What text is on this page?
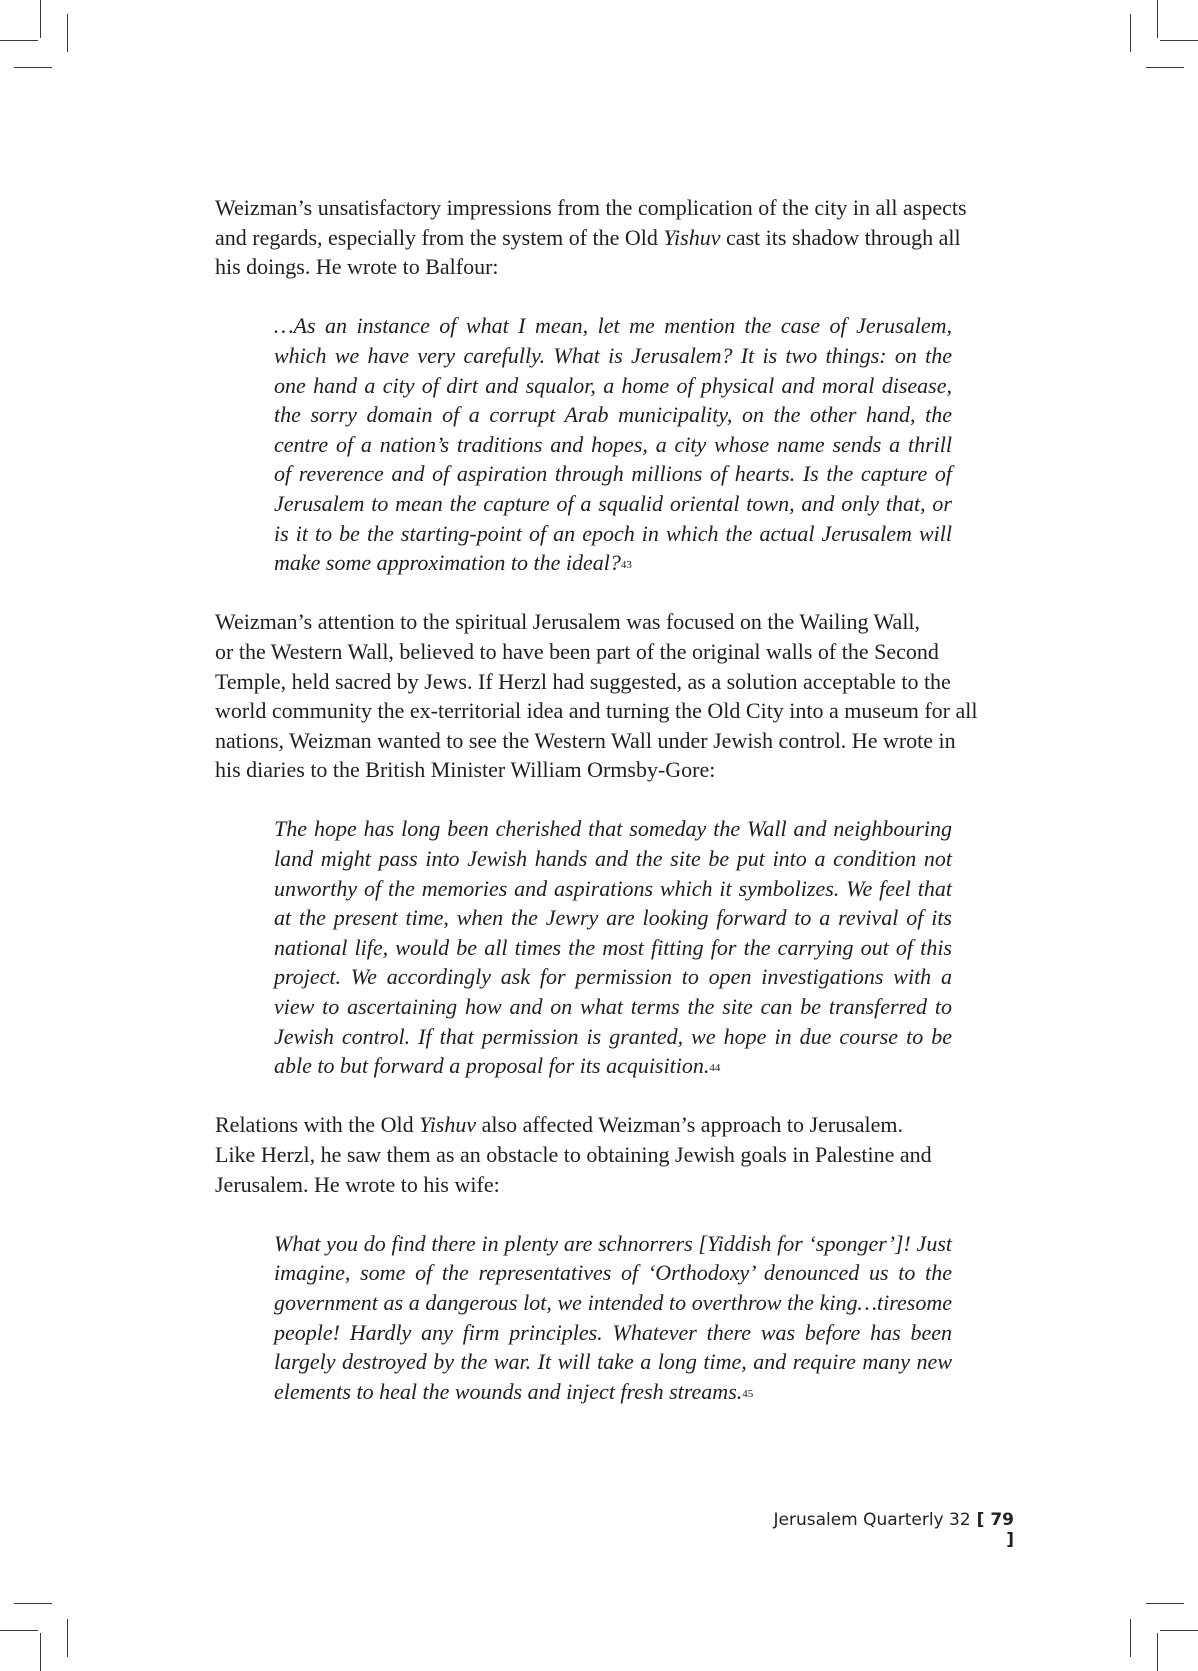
Weizman’s unsatisfactory impressions from the complication of the city in all aspects
and regards, especially from the system of the Old Yishuv cast its shadow through all
his doings. He wrote to Balfour:

…As an instance of what I mean, let me mention the case of Jerusalem,
which we have very carefully. What is Jerusalem? It is two things: on the
one hand a city of dirt and squalor, a home of physical and moral disease,
the sorry domain of a corrupt Arab municipality, on the other hand, the
centre of a nation’s traditions and hopes, a city whose name sends a thrill
of reverence and of aspiration through millions of hearts. Is the capture of
Jerusalem to mean the capture of a squalid oriental town, and only that, or
is it to be the starting-point of an epoch in which the actual Jerusalem will
make some approximation to the ideal?$^{43}$

Weizman’s attention to the spiritual Jerusalem was focused on the Wailing Wall,
or the Western Wall, believed to have been part of the original walls of the Second
Temple, held sacred by Jews. If Herzl had suggested, as a solution acceptable to the
world community the ex-territorial idea and turning the Old City into a museum for all
nations, Weizman wanted to see the Western Wall under Jewish control. He wrote in
his diaries to the British Minister William Ormsby-Gore:

The hope has long been cherished that someday the Wall and neighbouring
land might pass into Jewish hands and the site be put into a condition not
unworthy of the memories and aspirations which it symbolizes. We feel that
at the present time, when the Jewry are looking forward to a revival of its
national life, would be all times the most fitting for the carrying out of this
project. We accordingly ask for permission to open investigations with a
view to ascertaining how and on what terms the site can be transferred to
Jewish control. If that permission is granted, we hope in due course to be
able to but forward a proposal for its acquisition.$^{44}$

Relations with the Old Yishuv also affected Weizman’s approach to Jerusalem.
Like Herzl, he saw them as an obstacle to obtaining Jewish goals in Palestine and
Jerusalem. He wrote to his wife:

What you do find there in plenty are schnorrers [Yiddish for ‘sponger’]! Just
imagine, some of the representatives of ‘Orthodoxy’ denounced us to the
government as a dangerous lot, we intended to overthrow the king…tiresome
people! Hardly any firm principles. Whatever there was before has been
largely destroyed by the war. It will take a long time, and require many new
elements to heal the wounds and inject fresh streams.$^{45}$
Jerusalem Quarterly 32 [ 79 ]
